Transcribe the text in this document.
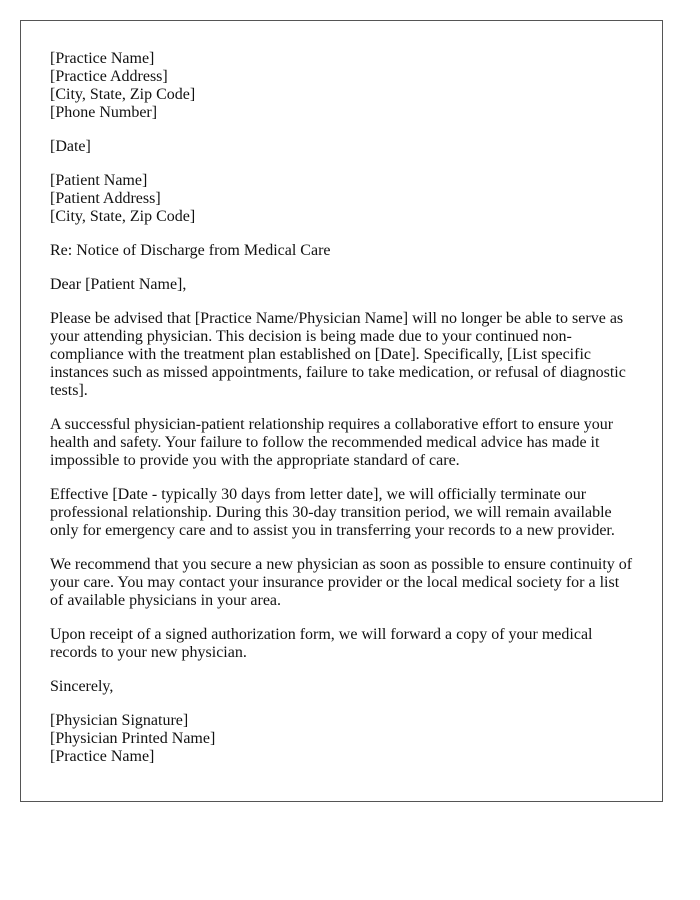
[Practice Name]
[Practice Address]
[City, State, Zip Code]
[Phone Number]

[Date]

[Patient Name]
[Patient Address]
[City, State, Zip Code]

Re: Notice of Discharge from Medical Care

Dear [Patient Name],

Please be advised that [Practice Name/Physician Name] will no longer be able to serve as your attending physician. This decision is being made due to your continued non-compliance with the treatment plan established on [Date]. Specifically, [List specific instances such as missed appointments, failure to take medication, or refusal of diagnostic tests].

A successful physician-patient relationship requires a collaborative effort to ensure your health and safety. Your failure to follow the recommended medical advice has made it impossible to provide you with the appropriate standard of care.

Effective [Date - typically 30 days from letter date], we will officially terminate our professional relationship. During this 30-day transition period, we will remain available only for emergency care and to assist you in transferring your records to a new provider.

We recommend that you secure a new physician as soon as possible to ensure continuity of your care. You may contact your insurance provider or the local medical society for a list of available physicians in your area.

Upon receipt of a signed authorization form, we will forward a copy of your medical records to your new physician.

Sincerely,

[Physician Signature]
[Physician Printed Name]
[Practice Name]
